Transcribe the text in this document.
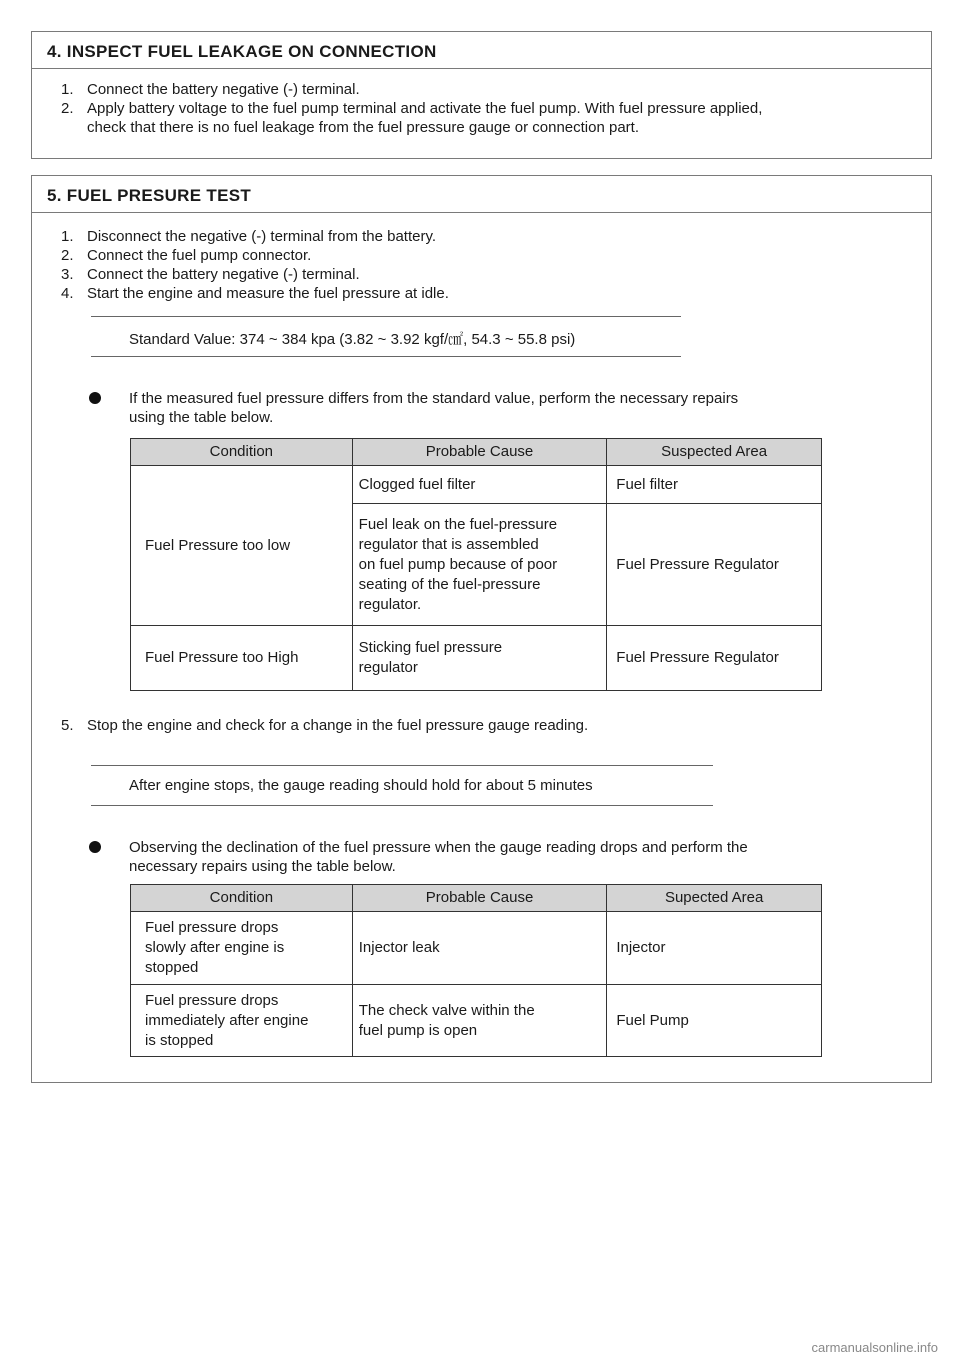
4. INSPECT FUEL LEAKAGE ON CONNECTION
1. Connect the battery negative (-) terminal.
2. Apply battery voltage to the fuel pump terminal and activate the fuel pump. With fuel pressure applied,
check that there is no fuel leakage from the fuel pressure gauge or connection part.
5. FUEL PRESURE TEST
1. Disconnect the negative (-) terminal from the battery.
2. Connect the fuel pump connector.
3. Connect the battery negative (-) terminal.
4. Start the engine and measure the fuel pressure at idle.
Standard Value: 374 ~ 384 kpa (3.82 ~ 3.92 kgf/㎠, 54.3 ~ 55.8 psi)
If the measured fuel pressure differs from the standard value, perform the necessary repairs
using the table below.
Condition	Probable Cause	Suspected Area
Fuel Pressure too low	Clogged fuel filter	Fuel filter
	Fuel leak on the fuel-pressure
regulator that is assembled
on fuel pump because of poor
seating of the fuel-pressure
regulator.	Fuel Pressure Regulator
Fuel Pressure too High	Sticking fuel pressure
regulator	Fuel Pressure Regulator
5. Stop the engine and check for a change in the fuel pressure gauge reading.
After engine stops, the gauge reading should hold for about 5 minutes
Observing the declination of the fuel pressure when the gauge reading drops and perform the
necessary repairs using the table below.
Condition	Probable Cause	Supected Area
Fuel pressure drops
slowly after engine is
stopped	Injector leak	Injector
Fuel pressure drops
immediately after engine
is stopped	The check valve within the
fuel pump is open	Fuel Pump
carmanualsonline.info
